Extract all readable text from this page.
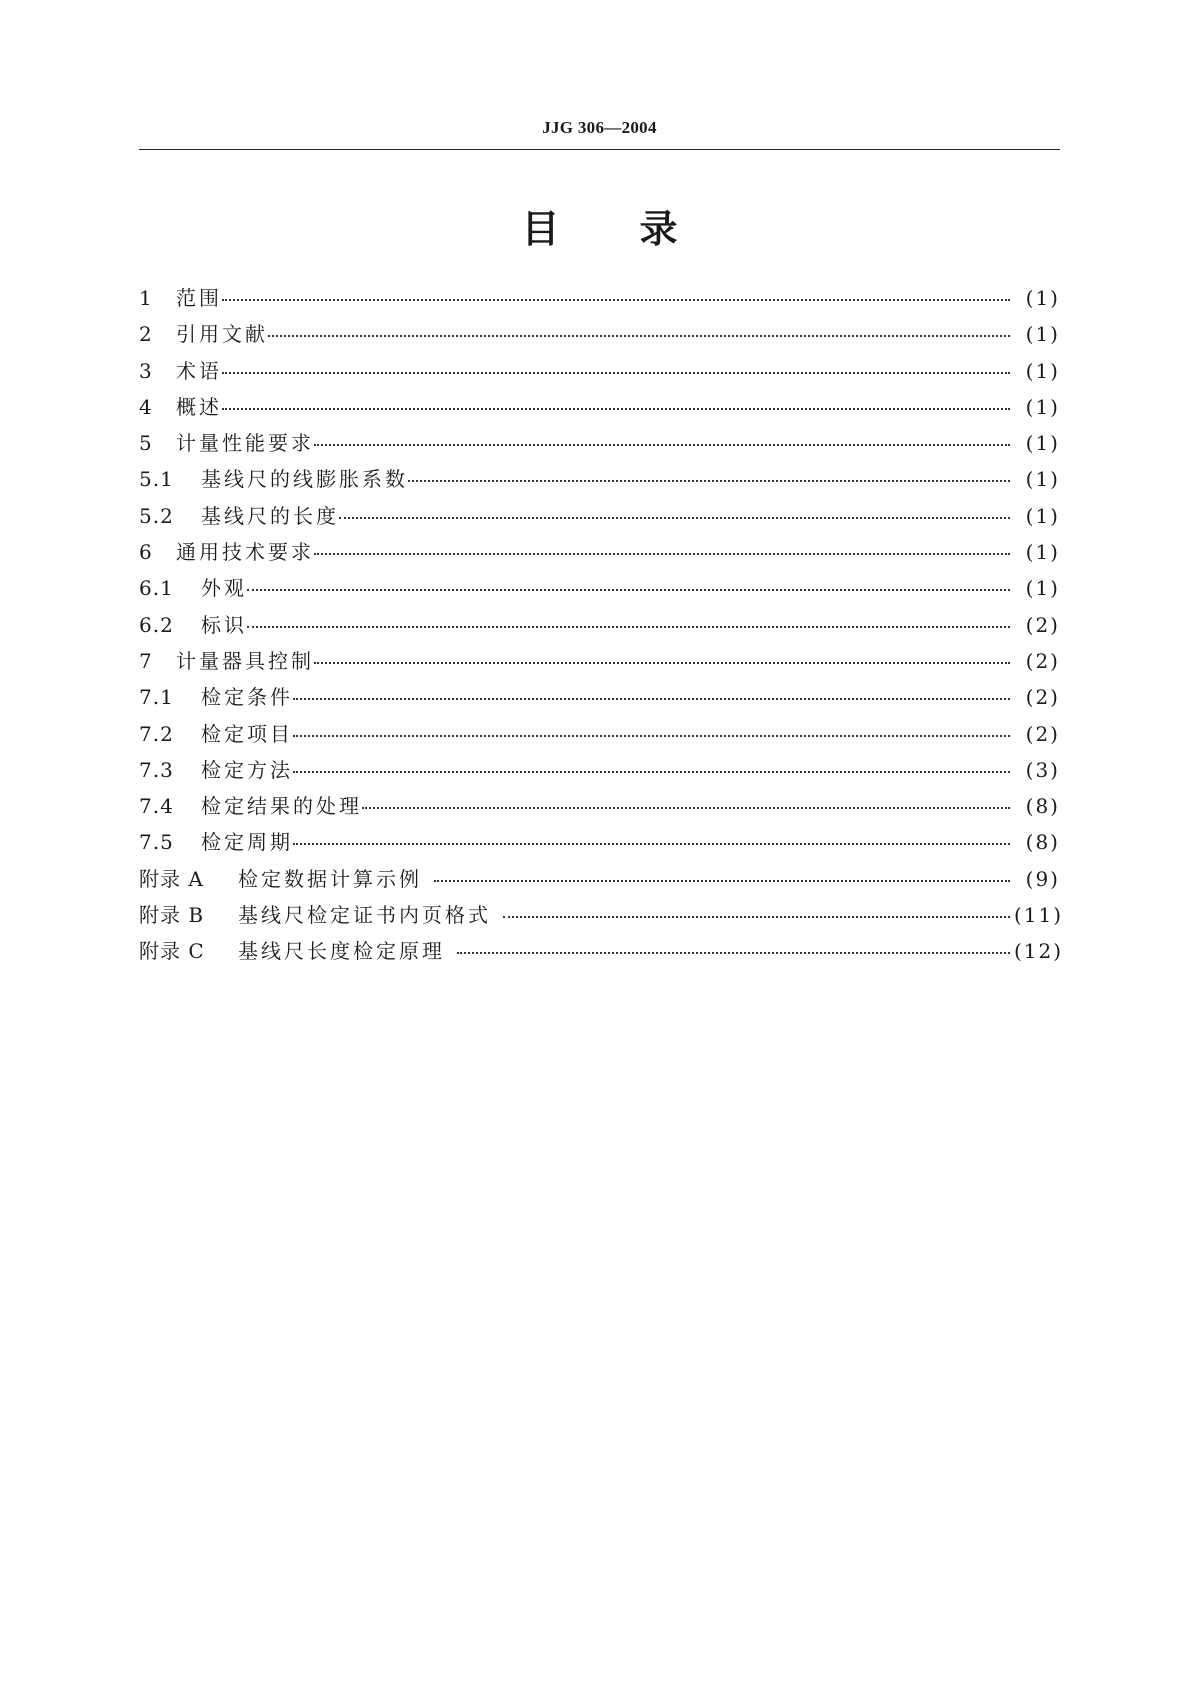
JJG 306—2004
目 录
1	范围	(1)
2	引用文献	(1)
3	术语	(1)
4	概述	(1)
5	计量性能要求	(1)
5.1	基线尺的线膨胀系数	(1)
5.2	基线尺的长度	(1)
6	通用技术要求	(1)
6.1	外观	(1)
6.2	标识	(2)
7	计量器具控制	(2)
7.1	检定条件	(2)
7.2	检定项目	(2)
7.3	检定方法	(3)
7.4	检定结果的处理	(8)
7.5	检定周期	(8)
附录 A	检定数据计算示例	(9)
附录 B	基线尺检定证书内页格式	(11)
附录 C	基线尺长度检定原理	(12)
